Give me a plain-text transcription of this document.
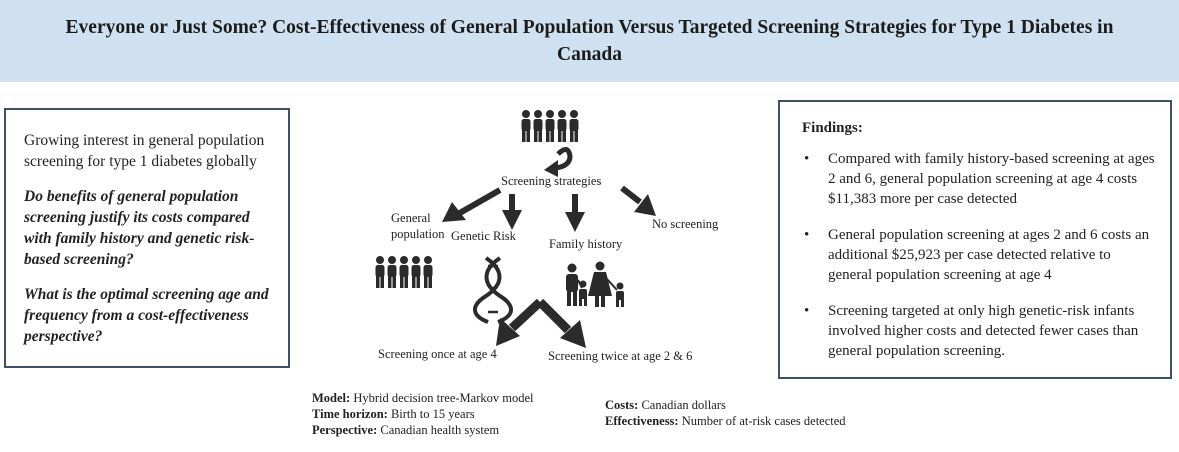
Everyone or Just Some? Cost-Effectiveness of General Population Versus Targeted Screening Strategies for Type 1 Diabetes in Canada

Growing interest in general population screening for type 1 diabetes globally

Do benefits of general population screening justify its costs compared with family history and genetic risk-based screening?

What is the optimal screening age and frequency from a cost-effectiveness perspective?

Screening strategies
General
population Genetic Risk
Family history
No screening
Screening once at age 4	Screening twice at age 2 & 6
Model: Hybrid decision tree-Markov model
Time horizon: Birth to 15 years
Perspective: Canadian health system
Costs: Canadian dollars
Effectiveness: Number of at-risk cases detected
Findings:
• Compared with family history-based screening at ages 2 and 6, general population screening at age 4 costs $11,383 more per case detected
• General population screening at ages 2 and 6 costs an additional $25,923 per case detected relative to general population screening at age 4
• Screening targeted at only high genetic-risk infants involved higher costs and detected fewer cases than general population screening.
